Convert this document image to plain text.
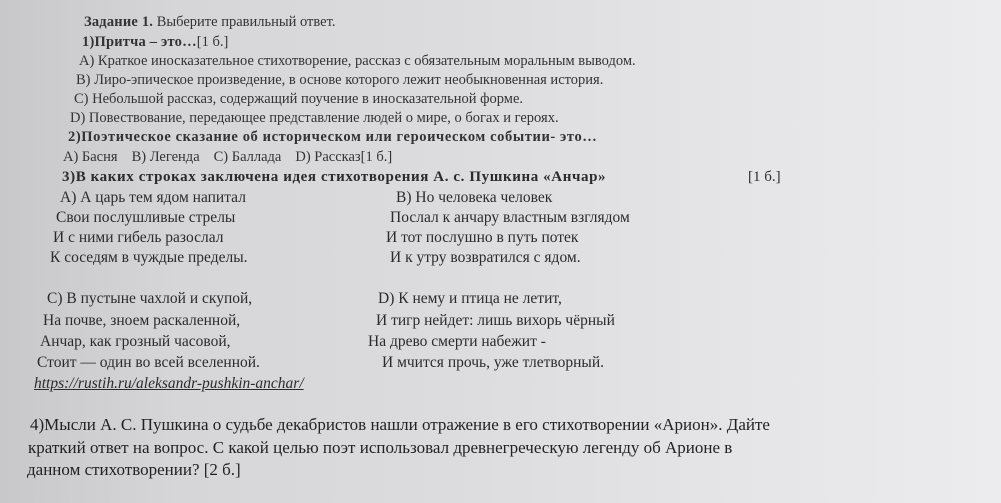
Задание 1. Выберите правильный ответ.
1)Притча – это…[1 б.]
А) Краткое иносказательное стихотворение, рассказ с обязательным моральным выводом.
В) Лиро-эпическое произведение, в основе которого лежит необыкновенная история.
С) Небольшой рассказ, содержащий поучение в иносказательной форме.
D) Повествование, передающее представление людей о мире, о богах и героях.
2)Поэтическое сказание об историческом или героическом событии- это…
А) Басня В) Легенда С) Баллада D) Рассказ[1 б.]
3)В каких строках заключена идея стихотворения А. с. Пушкина «Анчар»	[1 б.]
А) А царь тем ядом напитал
Свои послушливые стрелы
И с ними гибель разослал
К соседям в чуждые пределы.
В) Но человека человек
Послал к анчару властным взглядом
И тот послушно в путь потек
И к утру возвратился с ядом.
С) В пустыне чахлой и скупой,
На почве, зноем раскаленной,
Анчар, как грозный часовой,
Стоит — один во всей вселенной.
D) К нему и птица не летит,
И тигр нейдет: лишь вихорь чёрный
На древо смерти набежит -
И мчится прочь, уже тлетворный.
https://rustih.ru/aleksandr-pushkin-anchar/
4)Мысли А. С. Пушкина о судьбе декабристов нашли отражение в его стихотворении «Арион». Дайте
краткий ответ на вопрос. С какой целью поэт использовал древнегреческую легенду об Арионе в
данном стихотворении? [2 б.]
